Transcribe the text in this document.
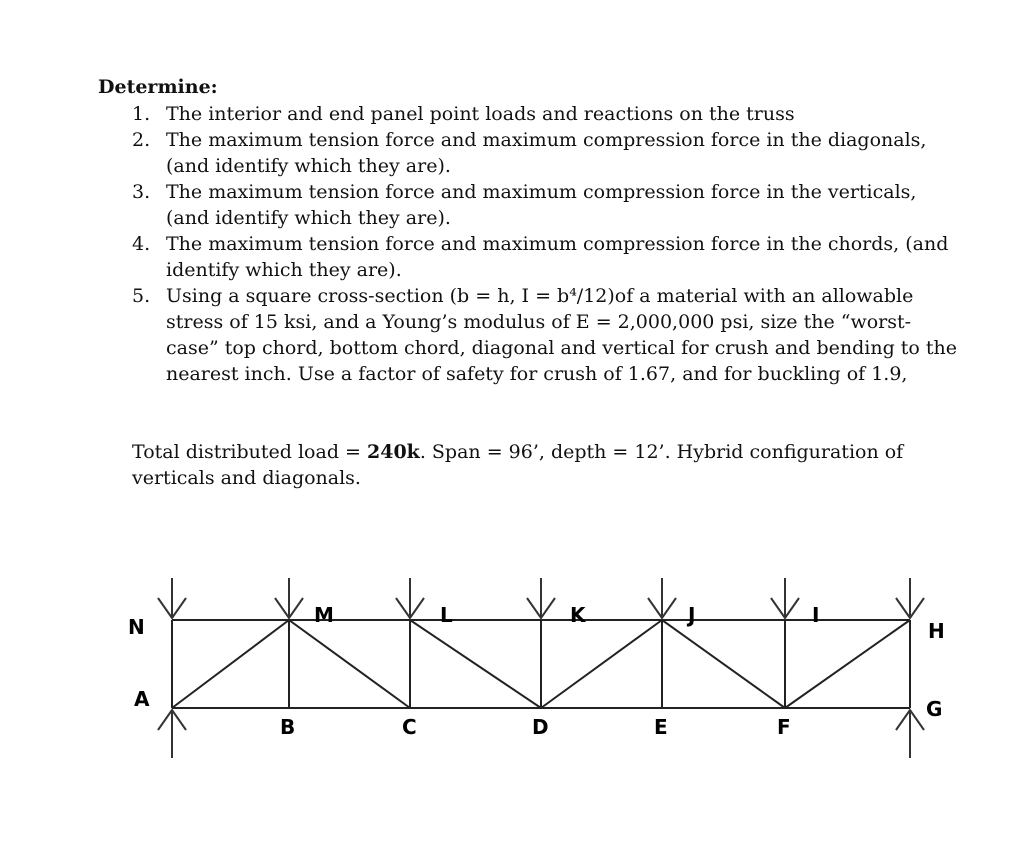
Determine:
1. The interior and end panel point loads and reactions on the truss
2. The maximum tension force and maximum compression force in the diagonals, (and identify which they are).
3. The maximum tension force and maximum compression force in the verticals, (and identify which they are).
4. The maximum tension force and maximum compression force in the chords, (and identify which they are).
5. Using a square cross-section (b = h, I = b⁴/12)of a material with an allowable stress of 15 ksi, and a Young’s modulus of E = 2,000,000 psi, size the “worst-case” top chord, bottom chord, diagonal and vertical for crush and bending to the nearest inch. Use a factor of safety for crush of 1.67, and for buckling of 1.9,
Total distributed load = 240k. Span = 96’, depth = 12’. Hybrid configuration of verticals and diagonals.
N	M	L	K	J	I
H
A
B	C	D	E	F
G
